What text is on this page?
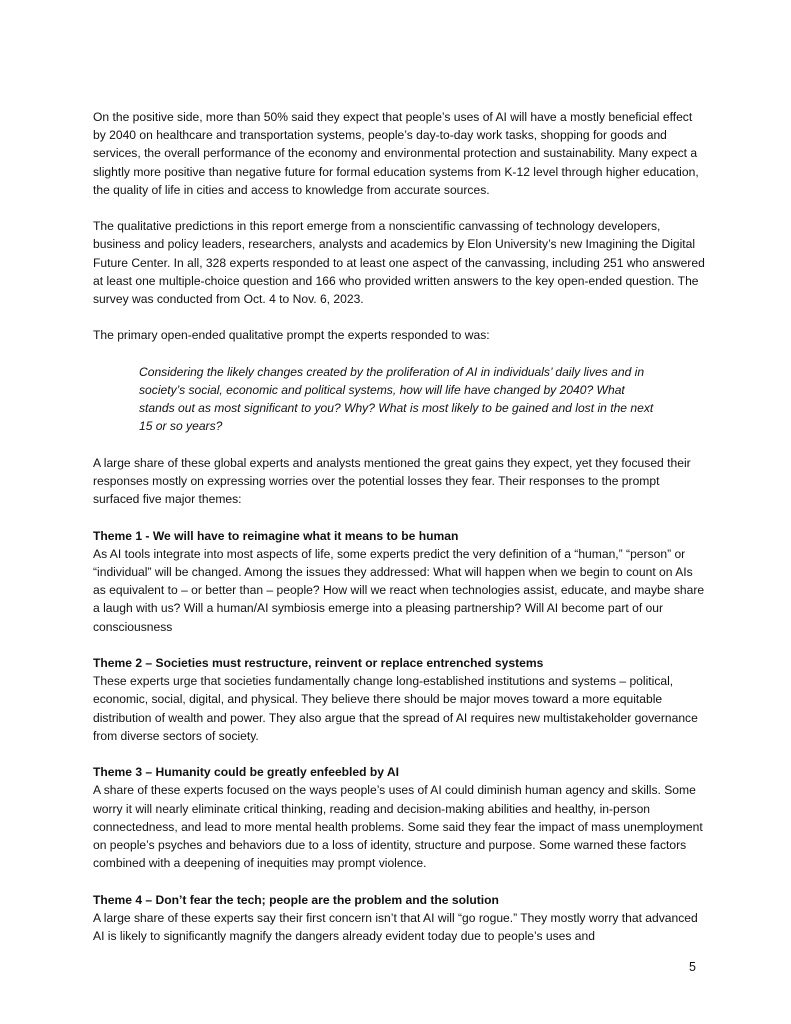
On the positive side, more than 50% said they expect that people’s uses of AI will have a mostly beneficial effect by 2040 on healthcare and transportation systems, people’s day-to-day work tasks, shopping for goods and services, the overall performance of the economy and environmental protection and sustainability. Many expect a slightly more positive than negative future for formal education systems from K-12 level through higher education, the quality of life in cities and access to knowledge from accurate sources.

The qualitative predictions in this report emerge from a nonscientific canvassing of technology developers, business and policy leaders, researchers, analysts and academics by Elon University’s new Imagining the Digital Future Center. In all, 328 experts responded to at least one aspect of the canvassing, including 251 who answered at least one multiple-choice question and 166 who provided written answers to the key open-ended question. The survey was conducted from Oct. 4 to Nov. 6, 2023.

The primary open-ended qualitative prompt the experts responded to was:

Considering the likely changes created by the proliferation of AI in individuals’ daily lives and in society’s social, economic and political systems, how will life have changed by 2040? What stands out as most significant to you? Why? What is most likely to be gained and lost in the next 15 or so years?

A large share of these global experts and analysts mentioned the great gains they expect, yet they focused their responses mostly on expressing worries over the potential losses they fear. Their responses to the prompt surfaced five major themes:

Theme 1 - We will have to reimagine what it means to be human
As AI tools integrate into most aspects of life, some experts predict the very definition of a “human,” “person” or “individual” will be changed. Among the issues they addressed: What will happen when we begin to count on AIs as equivalent to – or better than – people? How will we react when technologies assist, educate, and maybe share a laugh with us? Will a human/AI symbiosis emerge into a pleasing partnership? Will AI become part of our consciousness
Theme 2 – Societies must restructure, reinvent or replace entrenched systems
These experts urge that societies fundamentally change long-established institutions and systems – political, economic, social, digital, and physical. They believe there should be major moves toward a more equitable distribution of wealth and power. They also argue that the spread of AI requires new multistakeholder governance from diverse sectors of society.
Theme 3 – Humanity could be greatly enfeebled by AI
A share of these experts focused on the ways people’s uses of AI could diminish human agency and skills. Some worry it will nearly eliminate critical thinking, reading and decision-making abilities and healthy, in-person connectedness, and lead to more mental health problems. Some said they fear the impact of mass unemployment on people’s psyches and behaviors due to a loss of identity, structure and purpose. Some warned these factors combined with a deepening of inequities may prompt violence.
Theme 4 – Don’t fear the tech; people are the problem and the solution
A large share of these experts say their first concern isn’t that AI will “go rogue.” They mostly worry that advanced AI is likely to significantly magnify the dangers already evident today due to people’s uses and
5
